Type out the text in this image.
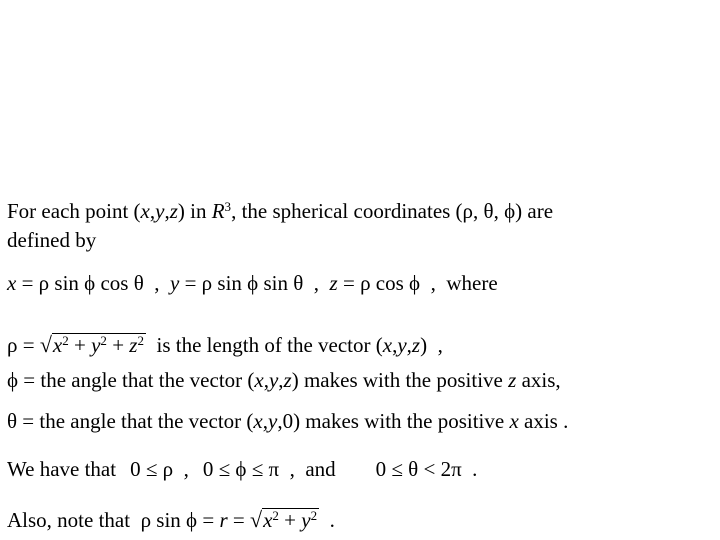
For each point (x,y,z) in $R^3$, the spherical coordinates (ρ, θ, ϕ) are
defined by
x = ρ sin ϕ cos θ  ,  y = ρ sin ϕ sin θ  ,  z = ρ cos ϕ  ,  where
$\rho = √x^2 + y^2 + z^2$  is the length of the vector (x,y,z)  ,
ϕ = the angle that the vector (x,y,z) makes with the positive z axis,
θ = the angle that the vector (x,y,0) makes with the positive x axis .
We have that 0 ≤ ρ  , 0 ≤ ϕ ≤ π  ,  and 0 ≤ θ < 2π  .
Also, note that  ρ $\sin \phi = r = √x^2 + y^2$  .
